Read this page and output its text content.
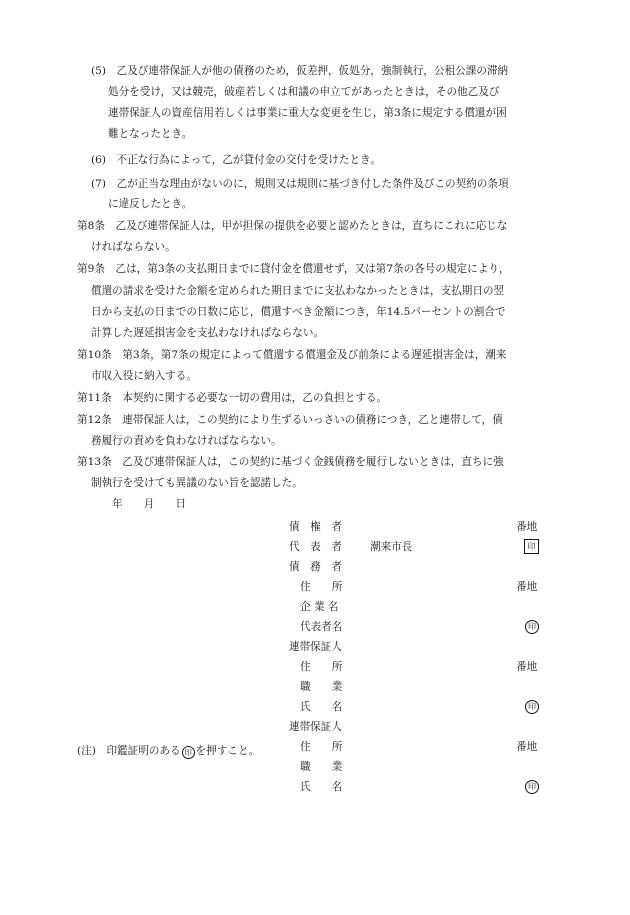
(5)　乙及び連帯保証人が他の債務のため，仮差押，仮処分，強制執行，公租公課の滞納
処分を受け，又は競売，破産若しくは和議の申立てがあったときは，その他乙及び
連帯保証人の資産信用若しくは事業に重大な変更を生じ，第3条に規定する償還が困
難となったとき。
(6)　不正な行為によって，乙が貸付金の交付を受けたとき。
(7)　乙が正当な理由がないのに，規則又は規則に基づき付した条件及びこの契約の条項
に違反したとき。
第8条　乙及び連帯保証人は，甲が担保の提供を必要と認めたときは，直ちにこれに応じな
ければならない。
第9条　乙は，第3条の支払期日までに貸付金を償還せず，又は第7条の各号の規定により，
償還の請求を受けた金額を定められた期日までに支払わなかったときは，支払期日の翌
日から支払の日までの日数に応じ，償還すべき金額につき，年14.5パーセントの割合で
計算した遅延損害金を支払わなければならない。
第10条　第3条，第7条の規定によって償還する償還金及び前条による遅延損害金は，潮来
市収入役に納入する。
第11条　本契約に関する必要な一切の費用は，乙の負担とする。
第12条　連帯保証人は，この契約により生ずるいっさいの債務につき，乙と連帯して，債
務履行の責めを負わなければならない。
第13条　乙及び連帯保証人は，この契約に基づく金銭債務を履行しないときは，直ちに強
制執行を受けても異議のない旨を認諾した。
年　　月　　日
債　権　者	番地
代　表　者	潮来市長	印
債　務　者
住　　所	番地
企 業 名
代表者名	印
連帯保証人
住　　所	番地
職　　業
氏　　名	印
連帯保証人
住　　所	番地
職　　業
氏　　名	印
(注)　印鑑証明のある 印 を押すこと。
